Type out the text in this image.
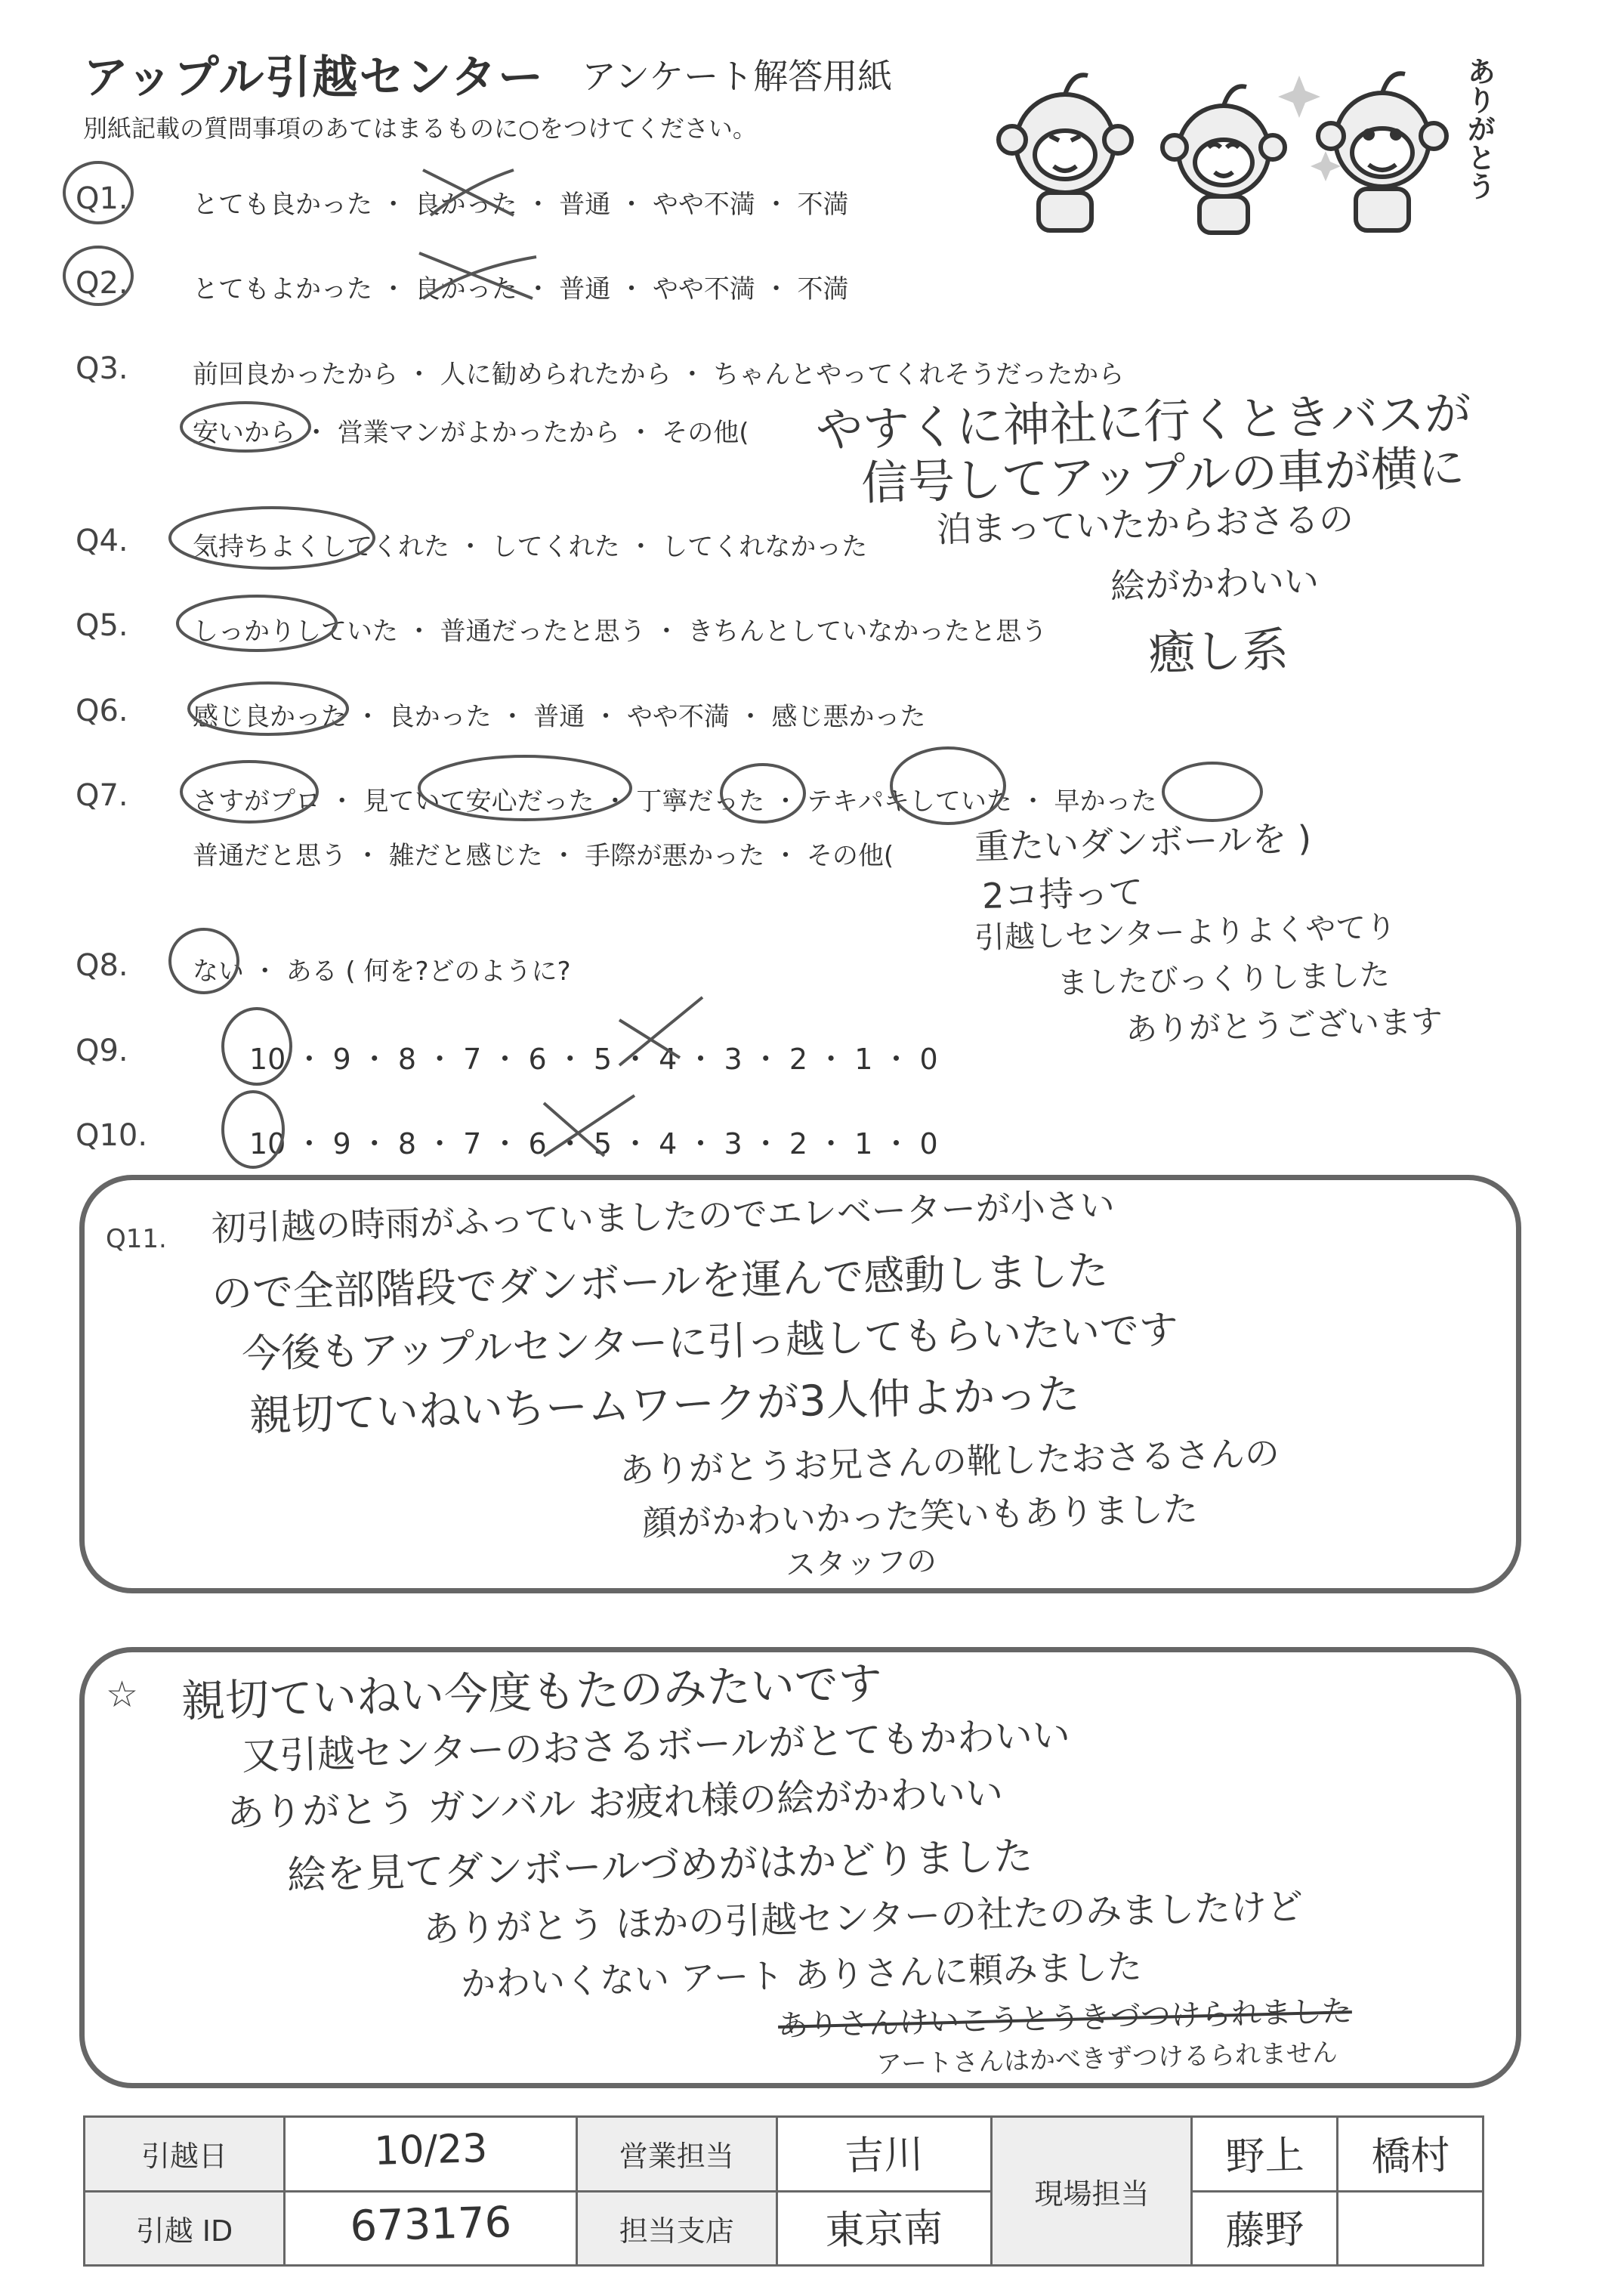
アップル引越センター アンケート解答用紙
別紙記載の質問事項のあてはまるものに○をつけてください。	ありがとう
Q1.	とても良かった ・ 良かった ・ 普通 ・ やや不満 ・ 不満
Q2.	とてもよかった ・ 良かった ・ 普通 ・ やや不満 ・ 不満
Q3.	前回良かったから ・ 人に勧められたから ・ ちゃんとやってくれそうだったから
安いから ・ 営業マンがよかったから ・ その他(
Q4.	気持ちよくしてくれた ・ してくれた ・ してくれなかった
Q5.	しっかりしていた ・ 普通だったと思う ・ きちんとしていなかったと思う
Q6.	感じ良かった ・ 良かった ・ 普通 ・ やや不満 ・ 感じ悪かった
Q7.	さすがプロ ・ 見ていて安心だった ・ 丁寧だった ・ テキパキしていた ・ 早かった
普通だと思う ・ 雑だと感じた ・ 手際が悪かった ・ その他(
Q8.	ない ・ ある ( 何を?どのように?
Q9.	10 ・ 9 ・ 8 ・ 7 ・ 6 ・ 5 ・ 4 ・ 3 ・ 2 ・ 1 ・ 0
Q10.	10 ・ 9 ・ 8 ・ 7 ・ 6 ・ 5 ・ 4 ・ 3 ・ 2 ・ 1 ・ 0
やすくに神社に行くときバスが
信号してアップルの車が横に
泊まっていたからおさるの
絵がかわいい
癒し系
重たいダンボールを )
2コ持って
引越しセンターよりよくやてり
ましたびっくりしました
ありがとうございます
Q11. 初引越の時雨がふっていましたのでエレベーターが小さい
ので全部階段でダンボールを運んで感動しました
今後もアップルセンターに引っ越してもらいたいです
親切ていねいちームワークが3人仲よかった
ありがとうお兄さんの靴したおさるさんの
顔がかわいかった笑いもありました
スタッフの
☆ 親切ていねい今度もたのみたいです
又引越センターのおさるボールがとてもかわいい
ありがとう ガンバル お疲れ様の絵がかわいい
絵を見てダンボールづめがはかどりました
ありがとう ほかの引越センターの社たのみましたけど
かわいくない アート ありさんに頼みました
ありさんけいこうとうきづつけられました
アートさんはかべきずつけるられません
引越日	10/23	営業担当	吉川	現場担当	野上	橋村
引越 ID	673176	担当支店	東京南		藤野	
